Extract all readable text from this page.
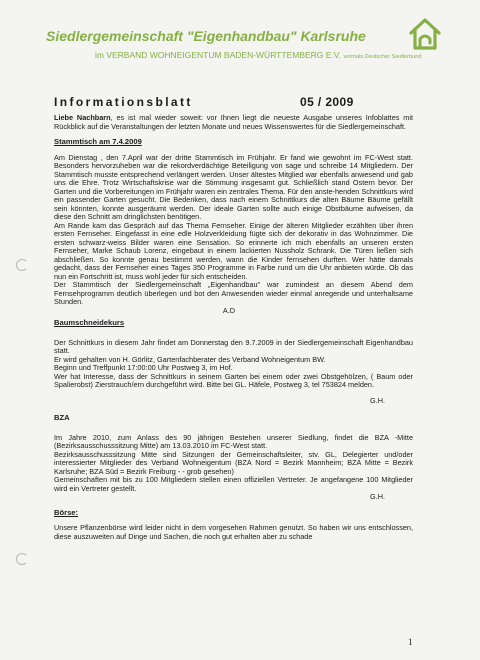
Siedlergemeinschaft "Eigenhandbau" Karlsruhe
im VERBAND WOHNEIGENTUM BADEN-WÜRTTEMBERG E.V. vormals Deutscher Siedlerbund
Informationsblatt	05 / 2009

Liebe Nachbarn, es ist mal wieder soweit: vor Ihnen liegt die neueste Ausgabe unseres Infoblattes mit Rückblick auf die Veranstaltungen der letzten Monate und neues Wissenswertes für die Siedlergemeinschaft.

Stammtisch am 7.4.2009

Am Dienstag , den 7.April war der dritte Stammtisch im Frühjahr. Er fand wie gewohnt im FC-West statt. Besonders hervorzuheben war die rekordverdächtige Beteiligung von sage und schreibe 14 Mitgliedern. Der Stammtisch musste entsprechend verlängert werden. Unser ältestes Mitglied war ebenfalls anwesend und gab uns die Ehre. Trotz Wirtschaftskrise war die Stimmung insgesamt gut. Schließlich stand Ostern bevor. Der Garten und die Vorbereitungen im Frühjahr waren ein zentrales Thema. Für den anste-henden Schnittkurs wird ein passender Garten gesucht. Die Bedenken, dass nach einem Schnittkurs die alten Bäume Bäume gefällt sein könnten, konnte ausgeräumt werden. Der ideale Garten sollte auch einige Obstbäume aufweisen, da diese den Schnitt am dringlichsten benötigen.

Am Rande kam das Gespräch auf das Thema Fernseher. Einige der älteren Mitglieder erzählten über ihren ersten Fernseher. Eingefasst in eine edle Holzverkleidung fügte sich der dekorativ in das Wohnzimmer. Die ersten schwarz-weiss Bilder waren eine Sensation. So erinnerte ich mich ebenfalls an unseren ersten Fernseher, Marke Schaub Lorenz, eingebaut in einem lackierten Nussholz Schrank. Die Türen ließen sich abschließen. So konnte genau bestimmt werden, wann die Kinder fernsehen durften. Wer hätte damals gedacht, dass der Fernseher eines Tages 350 Programme in Farbe rund um die Uhr anbieten würde. Ob das nun ein Fortschritt ist, muss wohl jeder für sich entscheiden.

Der Stammtisch der Siedlergemeinschaft „Eigenhandbau" war zumindest an diesem Abend dem Fernsehprogramm deutlich überlegen und bot den Anwesenden wieder einmal anregende und unterhaltsame Stunden.

A.D
Baumschneidekurs

Der Schnittkurs in diesem Jahr findet am Donnerstag den 9.7.2009 in der Siedlergemeinschaft Eigenhandbau statt.

Er wird gehalten von H. Görlitz, Gartenfachberater des Verband Wohneigentum BW.

Beginn und Treffpunkt 17:00:00 Uhr Postweg 3, im Hof.

Wer hat Interesse, dass der Schnittkurs in seinem Garten bei einem oder zwei Obstgehölzen, ( Baum oder Spalierobst) Zierstrauch/ern durchgeführt wird. Bitte bei GL. Häfele, Postweg 3, tel 753824 melden.

G.H.
BZA

Im Jahre 2010, zum Anlass des 90 jährigen Bestehen unserer Siedlung, findet die BZA -Mitte (Bezirksausschusssitzung Mitte) am 13.03.2010 im FC-West statt.

Bezirksausschusssitzung Mitte sind Sitzungen der Gemeinschaftsleiter, stv. GL, Delegierter und/oder interessierter Mitglieder des Verband Wohneigentum (BZA Nord = Bezirk Mannheim; BZA Mitte = Bezirk Karlsruhe; BZA Süd = Bezirk Freiburg - - grob gesehen)

Gemeinschaften mit bis zu 100 Mitgliedern stellen einen offiziellen Vertreter. Je angefangene 100 Mitglieder wird ein Vertreter gestellt.

G.H.
Börse:

Unsere Pflanzenbörse wird leider nicht in dem vorgesehen Rahmen genutzt. So haben wir uns entschlossen, diese auszuweiten auf Dinge und Sachen, die noch gut erhalten aber zu schade

1
